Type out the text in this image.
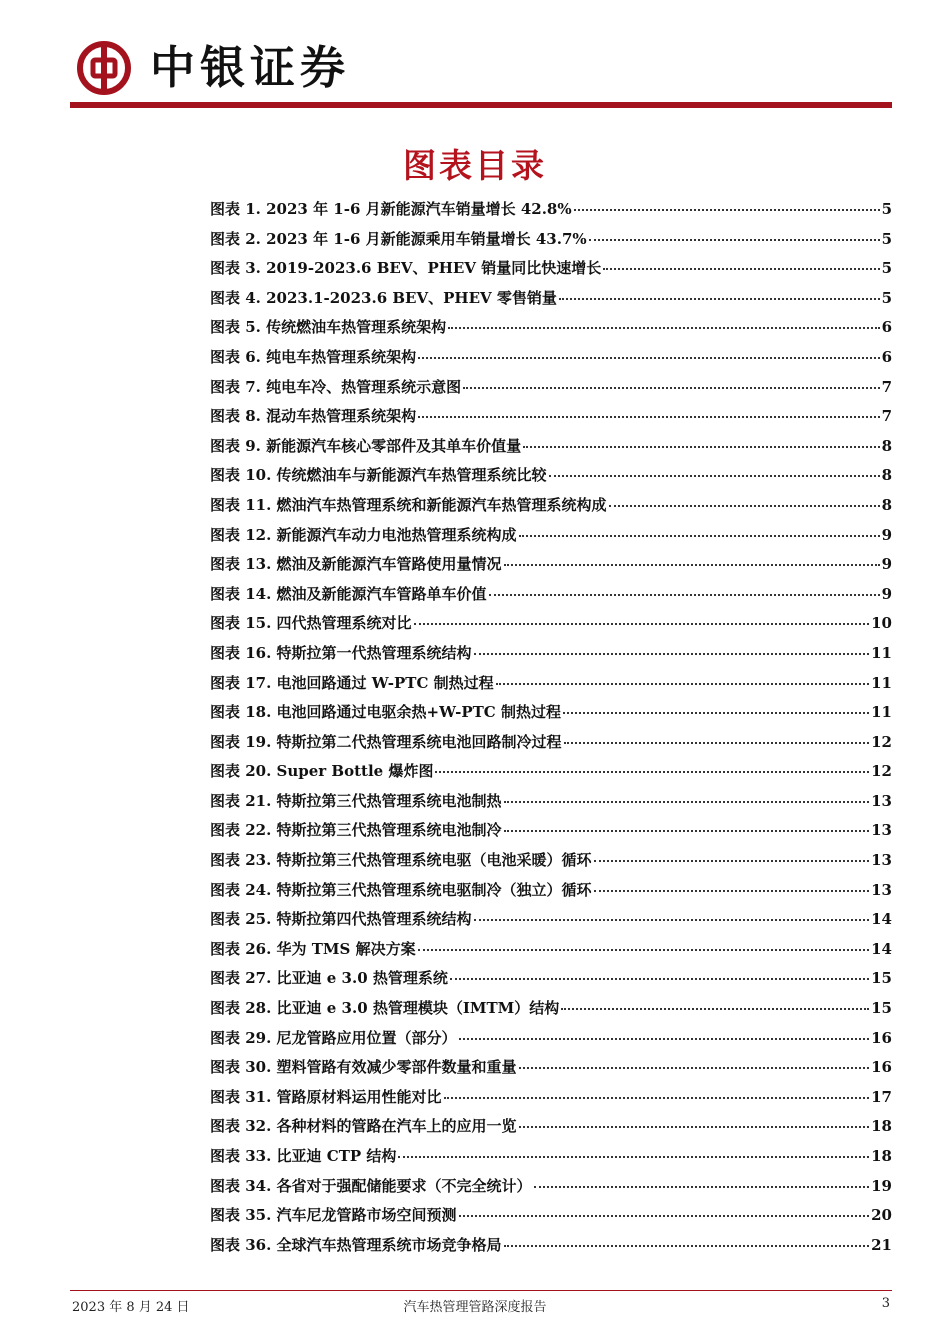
中银证券
图表目录
图表 1. 2023 年 1-6 月新能源汽车销量增长 42.8%	5
图表 2. 2023 年 1-6 月新能源乘用车销量增长 43.7%	5
图表 3. 2019-2023.6 BEV、PHEV 销量同比快速增长	5
图表 4. 2023.1-2023.6 BEV、PHEV 零售销量	5
图表 5. 传统燃油车热管理系统架构	6
图表 6. 纯电车热管理系统架构	6
图表 7. 纯电车冷、热管理系统示意图	7
图表 8. 混动车热管理系统架构	7
图表 9. 新能源汽车核心零部件及其单车价值量	8
图表 10. 传统燃油车与新能源汽车热管理系统比较	8
图表 11. 燃油汽车热管理系统和新能源汽车热管理系统构成	8
图表 12. 新能源汽车动力电池热管理系统构成	9
图表 13. 燃油及新能源汽车管路使用量情况	9
图表 14. 燃油及新能源汽车管路单车价值	9
图表 15. 四代热管理系统对比	10
图表 16. 特斯拉第一代热管理系统结构	11
图表 17. 电池回路通过 W-PTC 制热过程	11
图表 18. 电池回路通过电驱余热+W-PTC 制热过程	11
图表 19. 特斯拉第二代热管理系统电池回路制冷过程	12
图表 20. Super Bottle 爆炸图	12
图表 21. 特斯拉第三代热管理系统电池制热	13
图表 22. 特斯拉第三代热管理系统电池制冷	13
图表 23. 特斯拉第三代热管理系统电驱（电池采暖）循环	13
图表 24. 特斯拉第三代热管理系统电驱制冷（独立）循环	13
图表 25. 特斯拉第四代热管理系统结构	14
图表 26. 华为 TMS 解决方案	14
图表 27. 比亚迪 e 3.0 热管理系统	15
图表 28. 比亚迪 e 3.0 热管理模块（IMTM）结构	15
图表 29. 尼龙管路应用位置（部分）	16
图表 30. 塑料管路有效减少零部件数量和重量	16
图表 31. 管路原材料运用性能对比	17
图表 32. 各种材料的管路在汽车上的应用一览	18
图表 33. 比亚迪 CTP 结构	18
图表 34. 各省对于强配储能要求（不完全统计）	19
图表 35. 汽车尼龙管路市场空间预测	20
图表 36. 全球汽车热管理系统市场竞争格局	21
2023 年 8 月 24 日	汽车热管理管路深度报告	3
